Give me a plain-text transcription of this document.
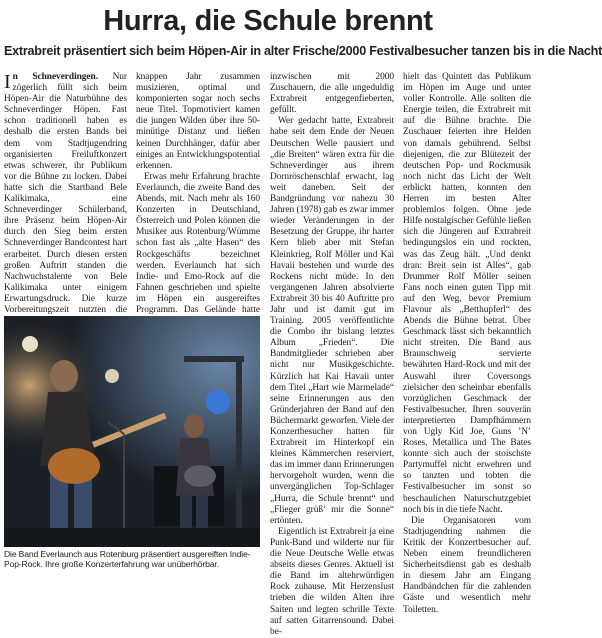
Hurra, die Schule brennt
Extrabreit präsentiert sich beim Höpen-Air in alter Frische/2000 Festivalbesucher tanzen bis in die Nacht

In Schneverdingen. Nur zögerlich füllt sich beim Höpen-Air die Naturbühne des Schneverdinger Höpen. Fast schon traditionell haben es deshalb die ersten Bands bei dem vom Stadtjugendring organisierten Freiluftkonzert etwas schwerer, ihr Publikum vor die Bühne zu locken. Dabei hatte sich die Startband Bele Kalikimaka, eine Schneverdinger Schülerband, ihre Präsenz beim Höpen-Air durch den Sieg beim ersten Schneverdinger Bandcontest hart erarbeitet. Durch diesen ersten großen Auftritt standen die Nachwuchstalente von Bele Kalikimaka unter einigem Erwartungsdruck. Die kurze Vorbereitungszeit nutzten die

knappen Jahr zusammen musizieren, optimal und komponierten sogar noch sechs neue Titel. Topmotiviert kamen die jungen Wilden über ihre 50-minütige Distanz und ließen keinen Durchhänger, dafür aber einiges an Entwicklungspotential erkennen.

Etwas mehr Erfahrung brachte Everlaunch, die zweite Band des Abends, mit. Nach mehr als 160 Konzerten in Deutschland, Österreich und Polen können die Musiker aus Rotenburg/Wümme schon fast als „alte Hasen“ des Rockgeschäfts bezeichnet werden. Everlaunch hat sich Indie- und Emo-Rock auf die Fahnen geschrieben und spielte im Höpen ein ausgereiftes Programm. Das Gelände hatte

Die Band Everlaunch aus Rotenburg präsentiert ausgereiften Indie-Pop-Rock. Ihre große Konzerterfahrung war unüberhörbar.

inzwischen mit 2000 Zuschauern, die alle ungeduldig Extrabreit entgegenfieberten, gefüllt.

Wer gedacht hatte, Extrabreit habe seit dem Ende der Neuen Deutschen Welle pausiert und „die Breiten“ wären extra für die Schneverdinger aus ihrem Dornröschenschlaf erwacht, lag weit daneben. Seit der Bandgründung vor nahezu 30 Jahren (1978) gab es zwar immer wieder Veränderungen in der Besetzung der Gruppe, ihr harter Kern blieb aber mit Stefan Kleinkrieg, Rolf Möller und Kai Havaii bestehen und wurde des Rockens nicht müde. In den vergangenen Jahren absolvierte Extrabreit 30 bis 40 Auftritte pro Jahr und ist damit gut im Training. 2005 veröffentlichte die Combo ihr bislang letztes Album „Frieden“. Die Bandmitglieder schrieben aber nicht nur Musikgeschichte. Kürzlich hat Kai Havaii unter dem Titel „Hart wie Marmelade“ seine Erinnerungen aus den Gründerjahren der Band auf den Büchermarkt geworfen. Viele der Konzertbesucher hatten für Extrabreit im Hinterkopf ein kleines Kämmerchen reserviert, das im immer dann Erinnerungen hervorgeholt wurden, wenn die unvergänglichen Top-Schlager „Hurra, die Schule brennt“ und „Flieger grüß’ mir die Sonne“ ertönten.

Eigentlich ist Extrabreit ja eine Punk-Band und wilderte nur für die Neue Deutsche Welle etwas abseits dieses Genres. Aktuell ist die Band im altehrwürdigen Rock zuhause. Mit Herzenslust trieben die wilden Alten ihre Saiten und legten schrille Texte auf satten Gitarrensound. Dabei be-

hielt das Quintett das Publikum im Höpen im Auge und unter voller Kontrolle. Alle sollten die Energie teilen, die Extrabreit mit auf die Bühne brachte. Die Zuschauer feierten ihre Helden von damals gebührend. Selbst diejenigen, die zur Blütezeit der deutschen Pop- und Rockmusik noch nicht das Licht der Welt erblickt hatten, konnten den Herren im besten Alter problemlos folgen. Ohne jede Hilfe nostalgischer Gefühle ließen sich die Jüngeren auf Extrabreit bedingungslos ein und rockten, was das Zeug hält. „Und denkt dran: Breit sein ist Alles“, gab Drummer Rolf Möller seinen Fans noch einen guten Tipp mit auf den Weg, bevor Premium Flavour als „Betthupferl“ des Abends die Bühne betrat. Über Geschmack lässt sich bekanntlich nicht streiten. Die Band aus Braunschweig servierte bewährten Hard-Rock und mit der Auswahl ihrer Coversongs zielsicher den scheinbar ebenfalls vorzüglichen Geschmack der Festivalbesucher. Ihren souverän interpretierten Dampfhämmern von Ugly Kid Joe, Guns ’N’ Roses, Metallica und The Bates konnte sich auch der stoischste Partymuffel nicht erwehren und so tanzten und tobten die Festivalbesucher im sonst so beschaulichen Naturschutzgebiet noch bis in die tiefe Nacht.

Die Organisatoren vom Stadtjugendring nahmen die Kritik der Konzertbesucher auf. Neben einem freundlicheren Sicherheitsdienst gab es deshalb in diesem Jahr am Eingang Handbändchen für die zahlenden Gäste und wesentlich mehr Toiletten.
